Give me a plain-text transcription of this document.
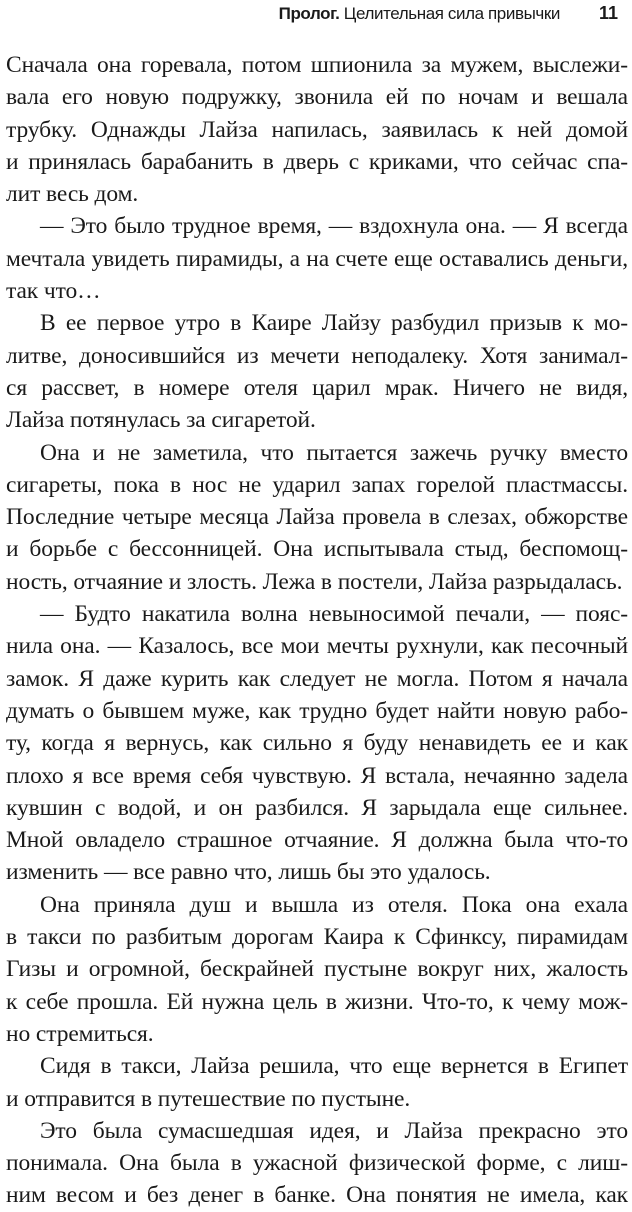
Пролог. Целительная сила привычки 11
Сначала она горевала, потом шпионила за мужем, выслежи-
вала его новую подружку, звонила ей по ночам и вешала
трубку. Однажды Лайза напилась, заявилась к ней домой
и принялась барабанить в дверь с криками, что сейчас спа-
лит весь дом.
— Это было трудное время, — вздохнула она. — Я всегда
мечтала увидеть пирамиды, а на счете еще оставались деньги,
так что…
В ее первое утро в Каире Лайзу разбудил призыв к мо-
литве, доносившийся из мечети неподалеку. Хотя занимал-
ся рассвет, в номере отеля царил мрак. Ничего не видя,
Лайза потянулась за сигаретой.
Она и не заметила, что пытается зажечь ручку вместо
сигареты, пока в нос не ударил запах горелой пластмассы.
Последние четыре месяца Лайза провела в слезах, обжорстве
и борьбе с бессонницей. Она испытывала стыд, беспомощ-
ность, отчаяние и злость. Лежа в постели, Лайза разрыдалась.
— Будто накатила волна невыносимой печали, — пояс-
нила она. — Казалось, все мои мечты рухнули, как песочный
замок. Я даже курить как следует не могла. Потом я начала
думать о бывшем муже, как трудно будет найти новую рабо-
ту, когда я вернусь, как сильно я буду ненавидеть ее и как
плохо я все время себя чувствую. Я встала, нечаянно задела
кувшин с водой, и он разбился. Я зарыдала еще сильнее.
Мной овладело страшное отчаяние. Я должна была что-то
изменить — все равно что, лишь бы это удалось.
Она приняла душ и вышла из отеля. Пока она ехала
в такси по разбитым дорогам Каира к Сфинксу, пирамидам
Гизы и огромной, бескрайней пустыне вокруг них, жалость
к себе прошла. Ей нужна цель в жизни. Что-то, к чему мож-
но стремиться.
Сидя в такси, Лайза решила, что еще вернется в Египет
и отправится в путешествие по пустыне.
Это была сумасшедшая идея, и Лайза прекрасно это
понимала. Она была в ужасной физической форме, с лиш-
ним весом и без денег в банке. Она понятия не имела, как
